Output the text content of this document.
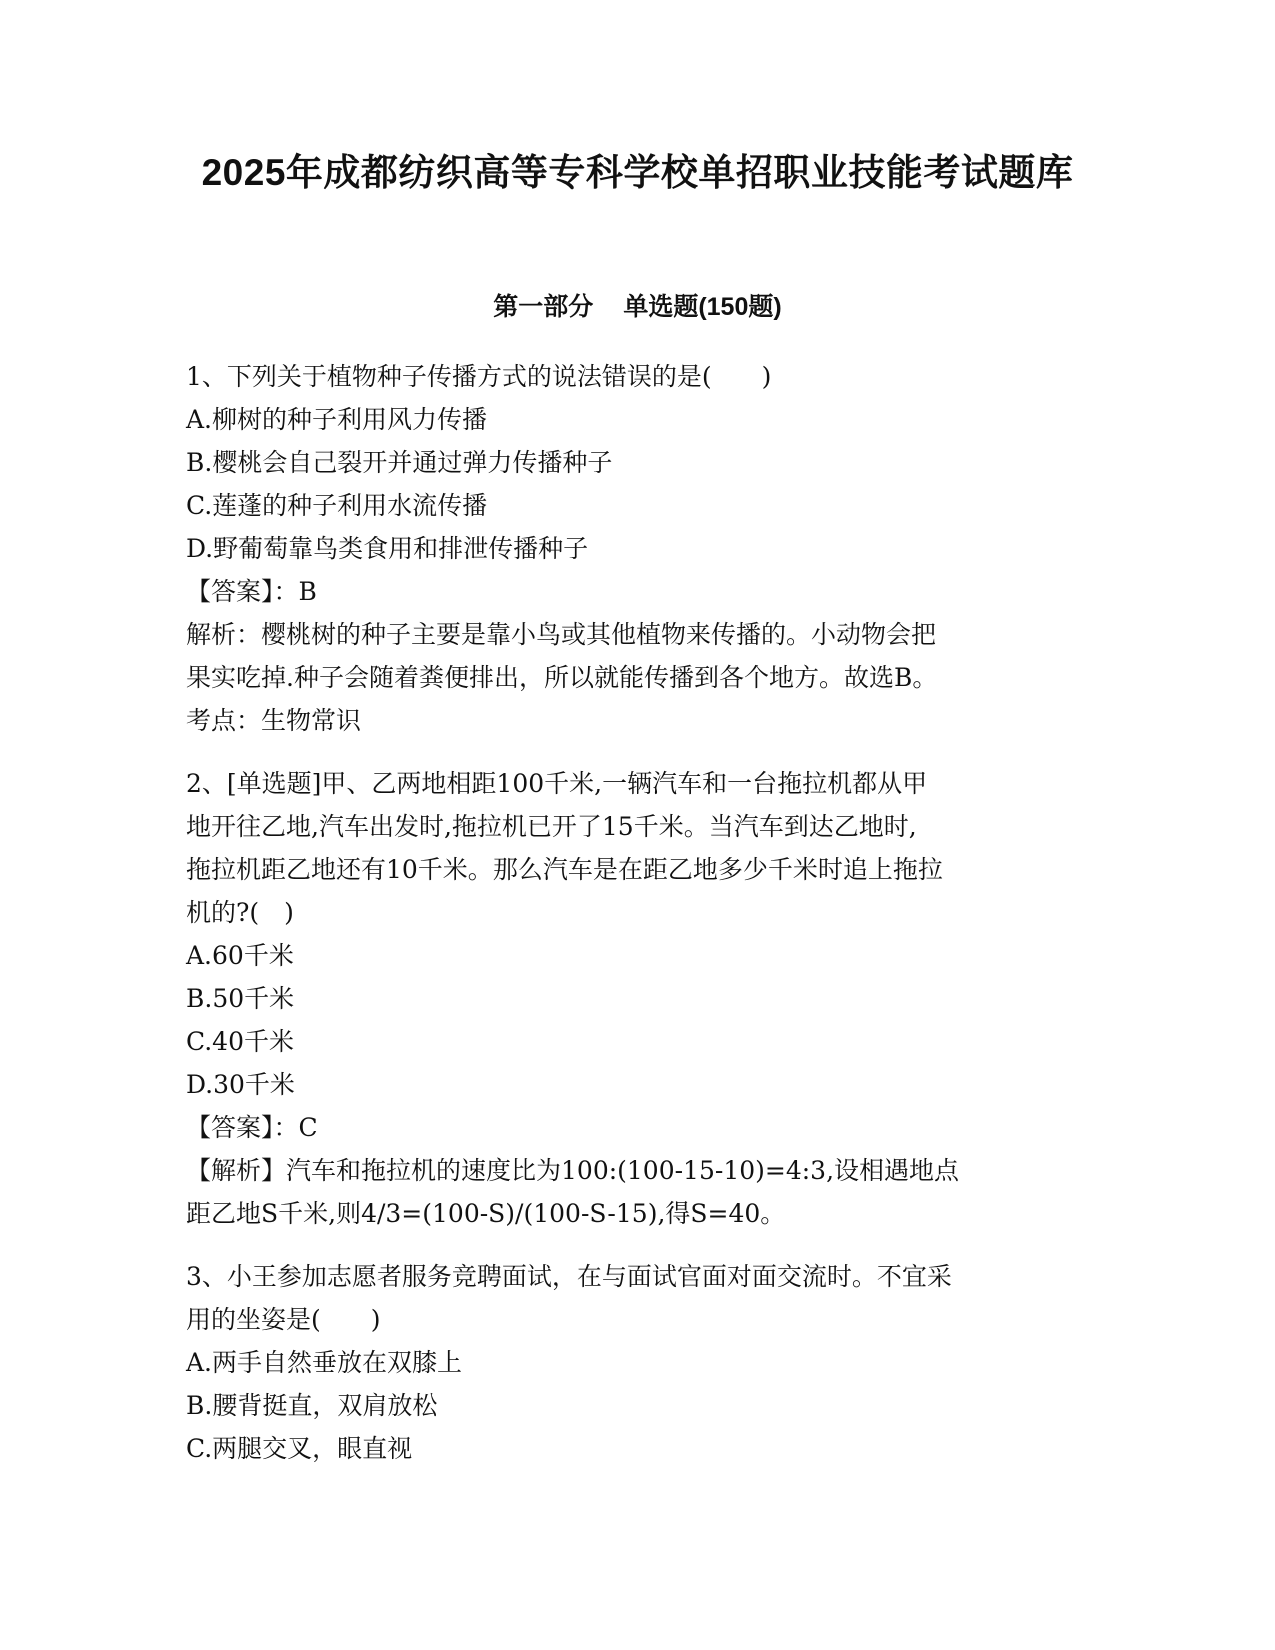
2025年成都纺织高等专科学校单招职业技能考试题库
第一部分 单选题(150题)
1、下列关于植物种子传播方式的说法错误的是(　　)
A.柳树的种子利用风力传播
B.樱桃会自己裂开并通过弹力传播种子
C.莲蓬的种子利用水流传播
D.野葡萄靠鸟类食用和排泄传播种子
【答案】：B
解析：樱桃树的种子主要是靠小鸟或其他植物来传播的。小动物会把
果实吃掉.种子会随着粪便排出，所以就能传播到各个地方。故选B。
考点：生物常识
2、[单选题]甲、乙两地相距100千米,一辆汽车和一台拖拉机都从甲
地开往乙地,汽车出发时,拖拉机已开了15千米。当汽车到达乙地时,
拖拉机距乙地还有10千米。那么汽车是在距乙地多少千米时追上拖拉
机的?(　)
A.60千米
B.50千米
C.40千米
D.30千米
【答案】：C
【解析】汽车和拖拉机的速度比为100:(100-15-10)=4:3,设相遇地点
距乙地S千米,则4/3=(100-S)/(100-S-15),得S=40。
3、小王参加志愿者服务竞聘面试，在与面试官面对面交流时。不宜采
用的坐姿是(　　)
A.两手自然垂放在双膝上
B.腰背挺直，双肩放松
C.两腿交叉，眼直视
